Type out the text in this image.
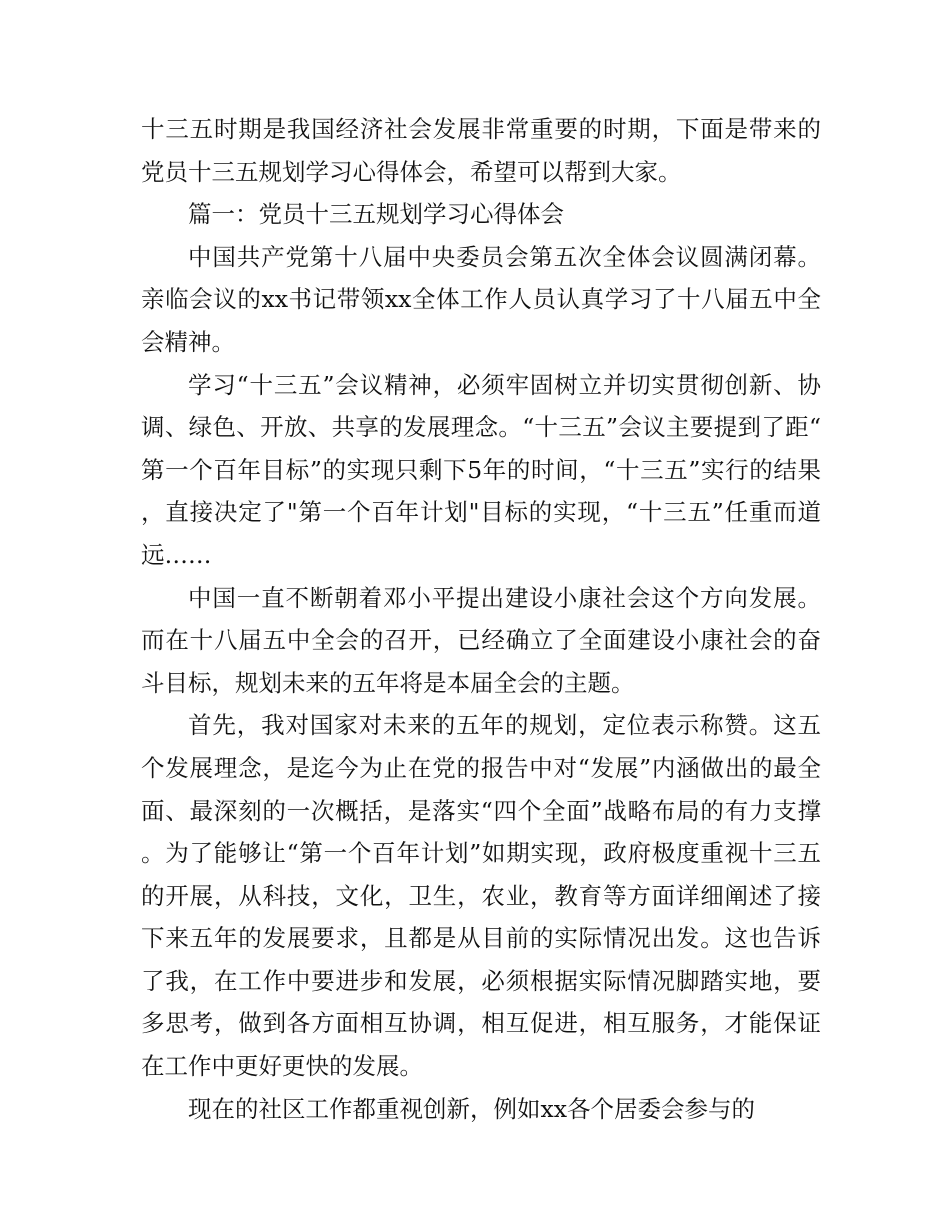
十三五时期是我国经济社会发展非常重要的时期，下面是带来的党员十三五规划学习心得体会，希望可以帮到大家。

篇一：党员十三五规划学习心得体会

中国共产党第十八届中央委员会第五次全体会议圆满闭幕。亲临会议的xx书记带领xx全体工作人员认真学习了十八届五中全会精神。

学习“十三五”会议精神，必须牢固树立并切实贯彻创新、协调、绿色、开放、共享的发展理念。“十三五”会议主要提到了距“第一个百年目标”的实现只剩下5年的时间，“十三五”实行的结果，直接决定了"第一个百年计划"目标的实现，“十三五”任重而道远……

中国一直不断朝着邓小平提出建设小康社会这个方向发展。而在十八届五中全会的召开，已经确立了全面建设小康社会的奋斗目标，规划未来的五年将是本届全会的主题。

首先，我对国家对未来的五年的规划，定位表示称赞。这五个发展理念，是迄今为止在党的报告中对“发展”内涵做出的最全面、最深刻的一次概括，是落实“四个全面”战略布局的有力支撑。为了能够让“第一个百年计划”如期实现，政府极度重视十三五的开展，从科技，文化，卫生，农业，教育等方面详细阐述了接下来五年的发展要求，且都是从目前的实际情况出发。这也告诉了我，在工作中要进步和发展，必须根据实际情况脚踏实地，要多思考，做到各方面相互协调，相互促进，相互服务，才能保证在工作中更好更快的发展。

现在的社区工作都重视创新，例如xx各个居委会参与的
